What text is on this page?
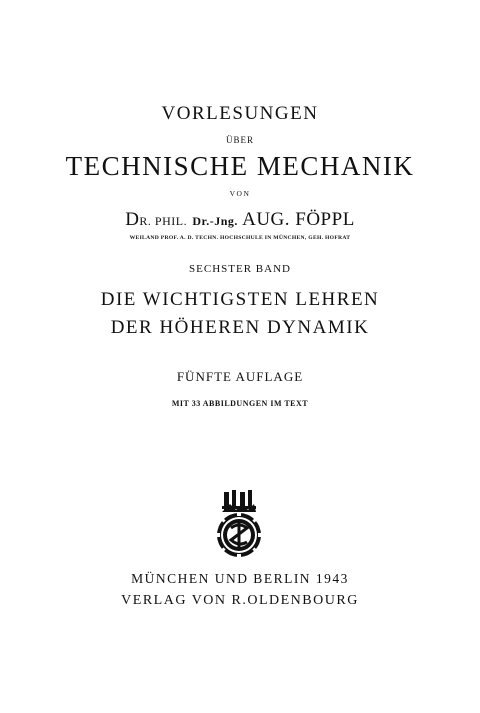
VORLESUNGEN
ÜBER
TECHNISCHE MECHANIK
VON
DR. PHIL. Dr.-Jng. AUG. FÖPPL
WEILAND PROF. A. D. TECHN. HOCHSCHULE IN MÜNCHEN, GEH. HOFRAT
SECHSTER BAND
DIE WICHTIGSTEN LEHREN
DER HÖHEREN DYNAMIK
FÜNFTE AUFLAGE
MIT 33 ABBILDUNGEN IM TEXT
MÜNCHEN UND BERLIN 1943
VERLAG VON R.OLDENBOURG
